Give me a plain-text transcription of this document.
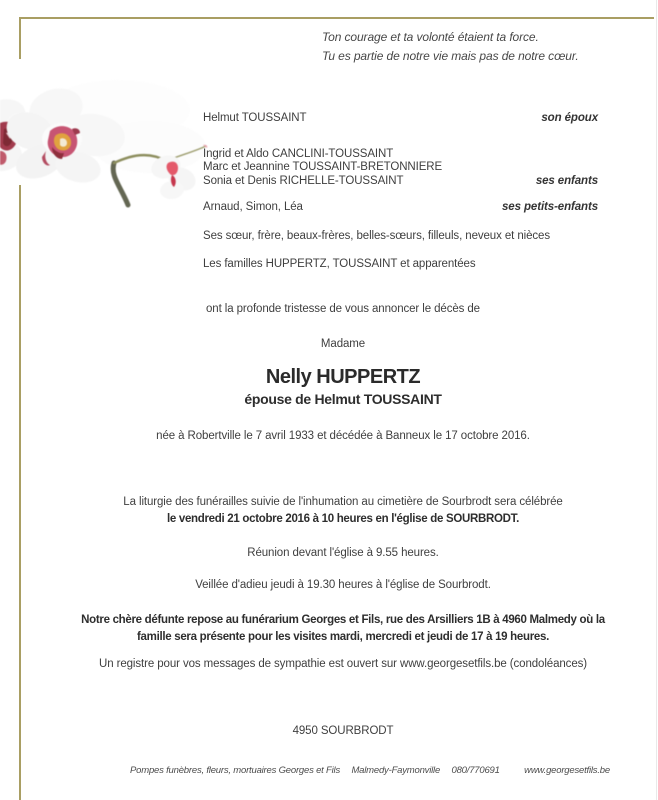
Ton courage et ta volonté étaient ta force.
Tu es partie de notre vie mais pas de notre cœur.
Helmut TOUSSAINT	son époux
Ingrid et Aldo CANCLINI-TOUSSAINT
Marc et Jeannine TOUSSAINT-BRETONNIERE
Sonia et Denis RICHELLE-TOUSSAINT	ses enfants
Arnaud, Simon, Léa	ses petits-enfants
Ses sœur, frère, beaux-frères, belles-sœurs, filleuls, neveux et nièces
Les familles HUPPERTZ, TOUSSAINT et apparentées
ont la profonde tristesse de vous annoncer le décès de
Madame
Nelly HUPPERTZ
épouse de Helmut TOUSSAINT
née à Robertville le 7 avril 1933 et décédée à Banneux le 17 octobre 2016.
La liturgie des funérailles suivie de l'inhumation au cimetière de Sourbrodt sera célébrée
le vendredi 21 octobre 2016 à 10 heures en l'église de SOURBRODT.
Réunion devant l'église à 9.55 heures.
Veillée d'adieu jeudi à 19.30 heures à l'église de Sourbrodt.
Notre chère défunte repose au funérarium Georges et Fils, rue des Arsilliers 1B à 4960 Malmedy où la
famille sera présente pour les visites mardi, mercredi et jeudi de 17 à 19 heures.
Un registre pour vos messages de sympathie est ouvert sur www.georgesetfils.be (condoléances)
4950 SOURBRODT
Pompes funèbres, fleurs, mortuaires Georges et Fils Malmedy-Faymonville 080/770691	www.georgesetfils.be
